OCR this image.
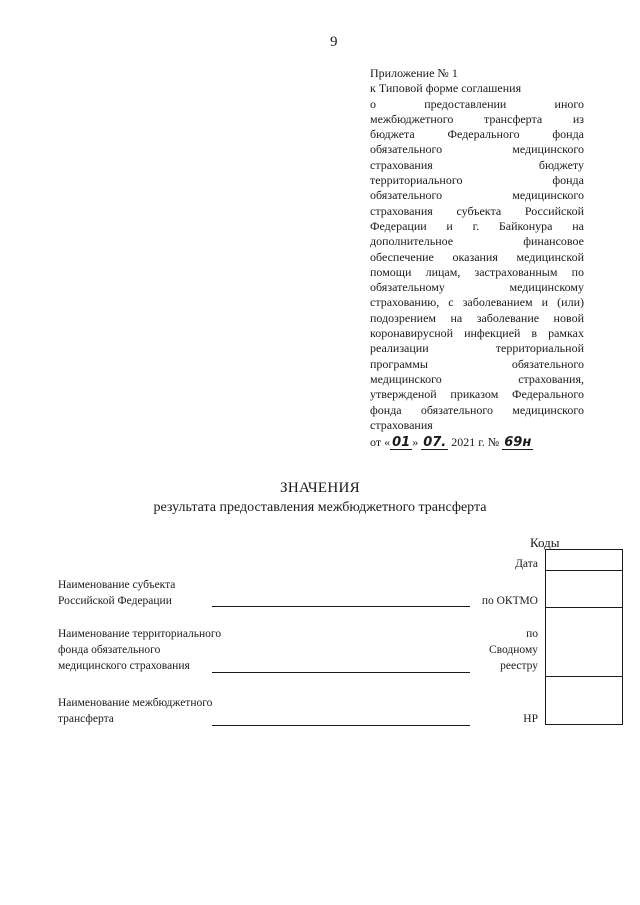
9
Приложение № 1
к Типовой форме соглашения
о предоставлении иного
межбюджетного трансферта из
бюджета Федерального фонда
обязательного медицинского
страхования бюджету
территориального фонда
обязательного медицинского
страхования субъекта Российской
Федерации и г. Байконура на
дополнительное финансовое
обеспечение оказания медицинской
помощи лицам, застрахованным по
обязательному медицинскому
страхованию, с заболеванием и (или)
подозрением на заболевание новой
коронавирусной инфекцией в рамках
реализации территориальной
программы обязательного
медицинского страхования,
утвержденой приказом Федерального
фонда обязательного медицинского
страхования
от « 01 » 07. 2021 г. № 69н
ЗНАЧЕНИЯ
результата предоставления межбюджетного трансферта
Коды
Дата
Наименование субъекта
Российской Федерации	по ОКТМО
Наименование территориального
фонда обязательного
медицинского страхования
по
Сводному
реестру
Наименование межбюджетного
трансферта	НР
